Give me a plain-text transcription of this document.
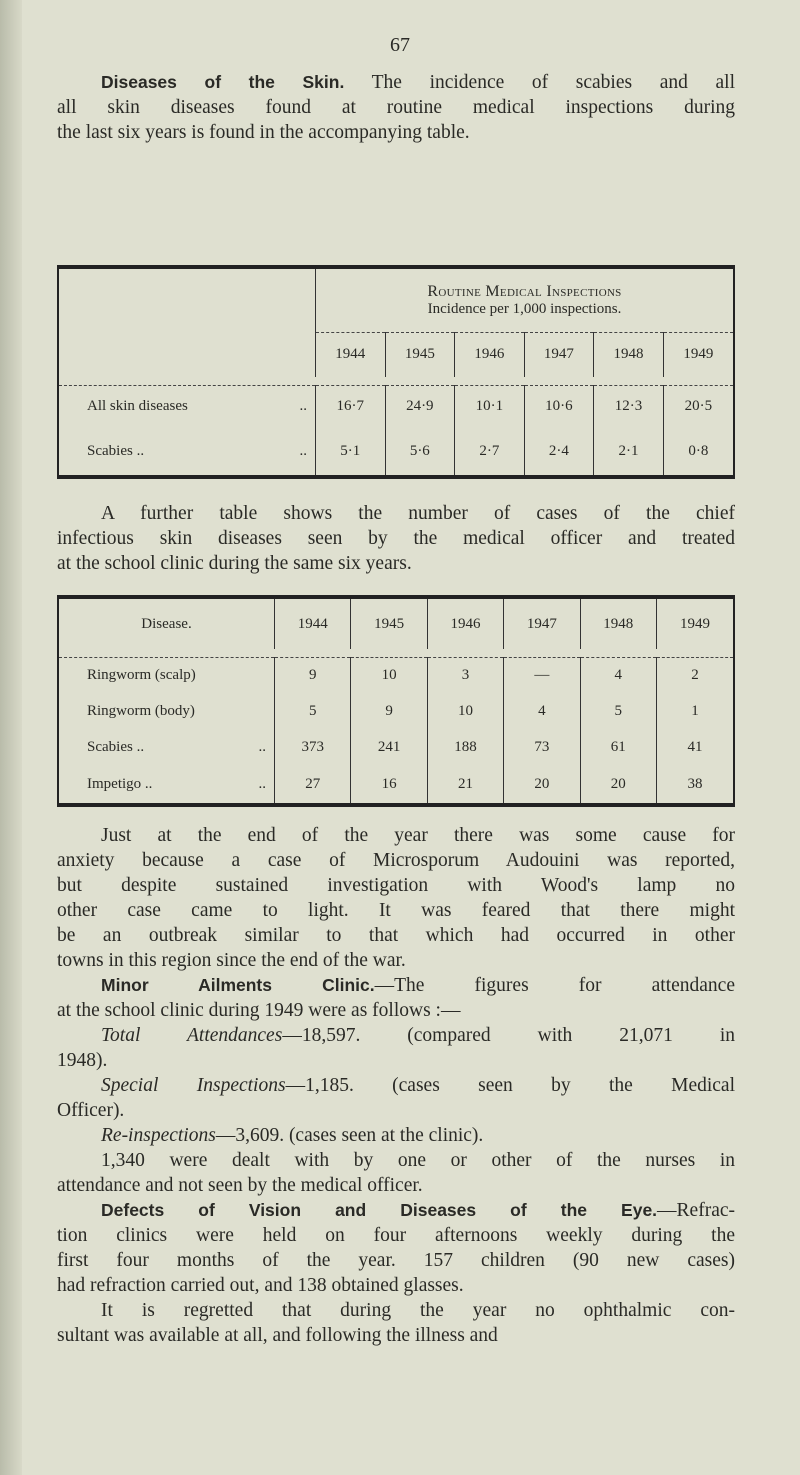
67
Diseases of the Skin. The incidence of scabies and all
all skin diseases found at routine medical inspections during
the last six years is found in the accompanying table.

	Routine Medical Inspections
Incidence per 1,000 inspections.					

	1944	1945	1946	1947	1948	1949

All skin diseases ..	16·7	24·9	10·1	10·6	12·3	20·5
Scabies .. ..	5·1	5·6	2·7	2·4	2·1	0·8
A further table shows the number of cases of the chief
infectious skin diseases seen by the medical officer and treated
at the school clinic during the same six years.
Disease.	1944	1945	1946	1947	1948	1949

Ringworm (scalp)	9	10	3	—	4	2
Ringworm (body)	5	9	10	4	5	1
Scabies .. ..	373	241	188	73	61	41
Impetigo .. ..	27	16	21	20	20	38
Just at the end of the year there was some cause for
anxiety because a case of Microsporum Audouini was reported,
but despite sustained investigation with Wood's lamp no
other case came to light. It was feared that there might
be an outbreak similar to that which had occurred in other
towns in this region since the end of the war.
Minor Ailments Clinic.—The figures for attendance
at the school clinic during 1949 were as follows :—
Total Attendances—18,597. (compared with 21,071 in
1948).
Special Inspections—1,185. (cases seen by the Medical
Officer).
Re-inspections—3,609. (cases seen at the clinic).
1,340 were dealt with by one or other of the nurses in
attendance and not seen by the medical officer.
Defects of Vision and Diseases of the Eye.—Refrac-
tion clinics were held on four afternoons weekly during the
first four months of the year. 157 children (90 new cases)
had refraction carried out, and 138 obtained glasses.
It is regretted that during the year no ophthalmic con-
sultant was available at all, and following the illness and
